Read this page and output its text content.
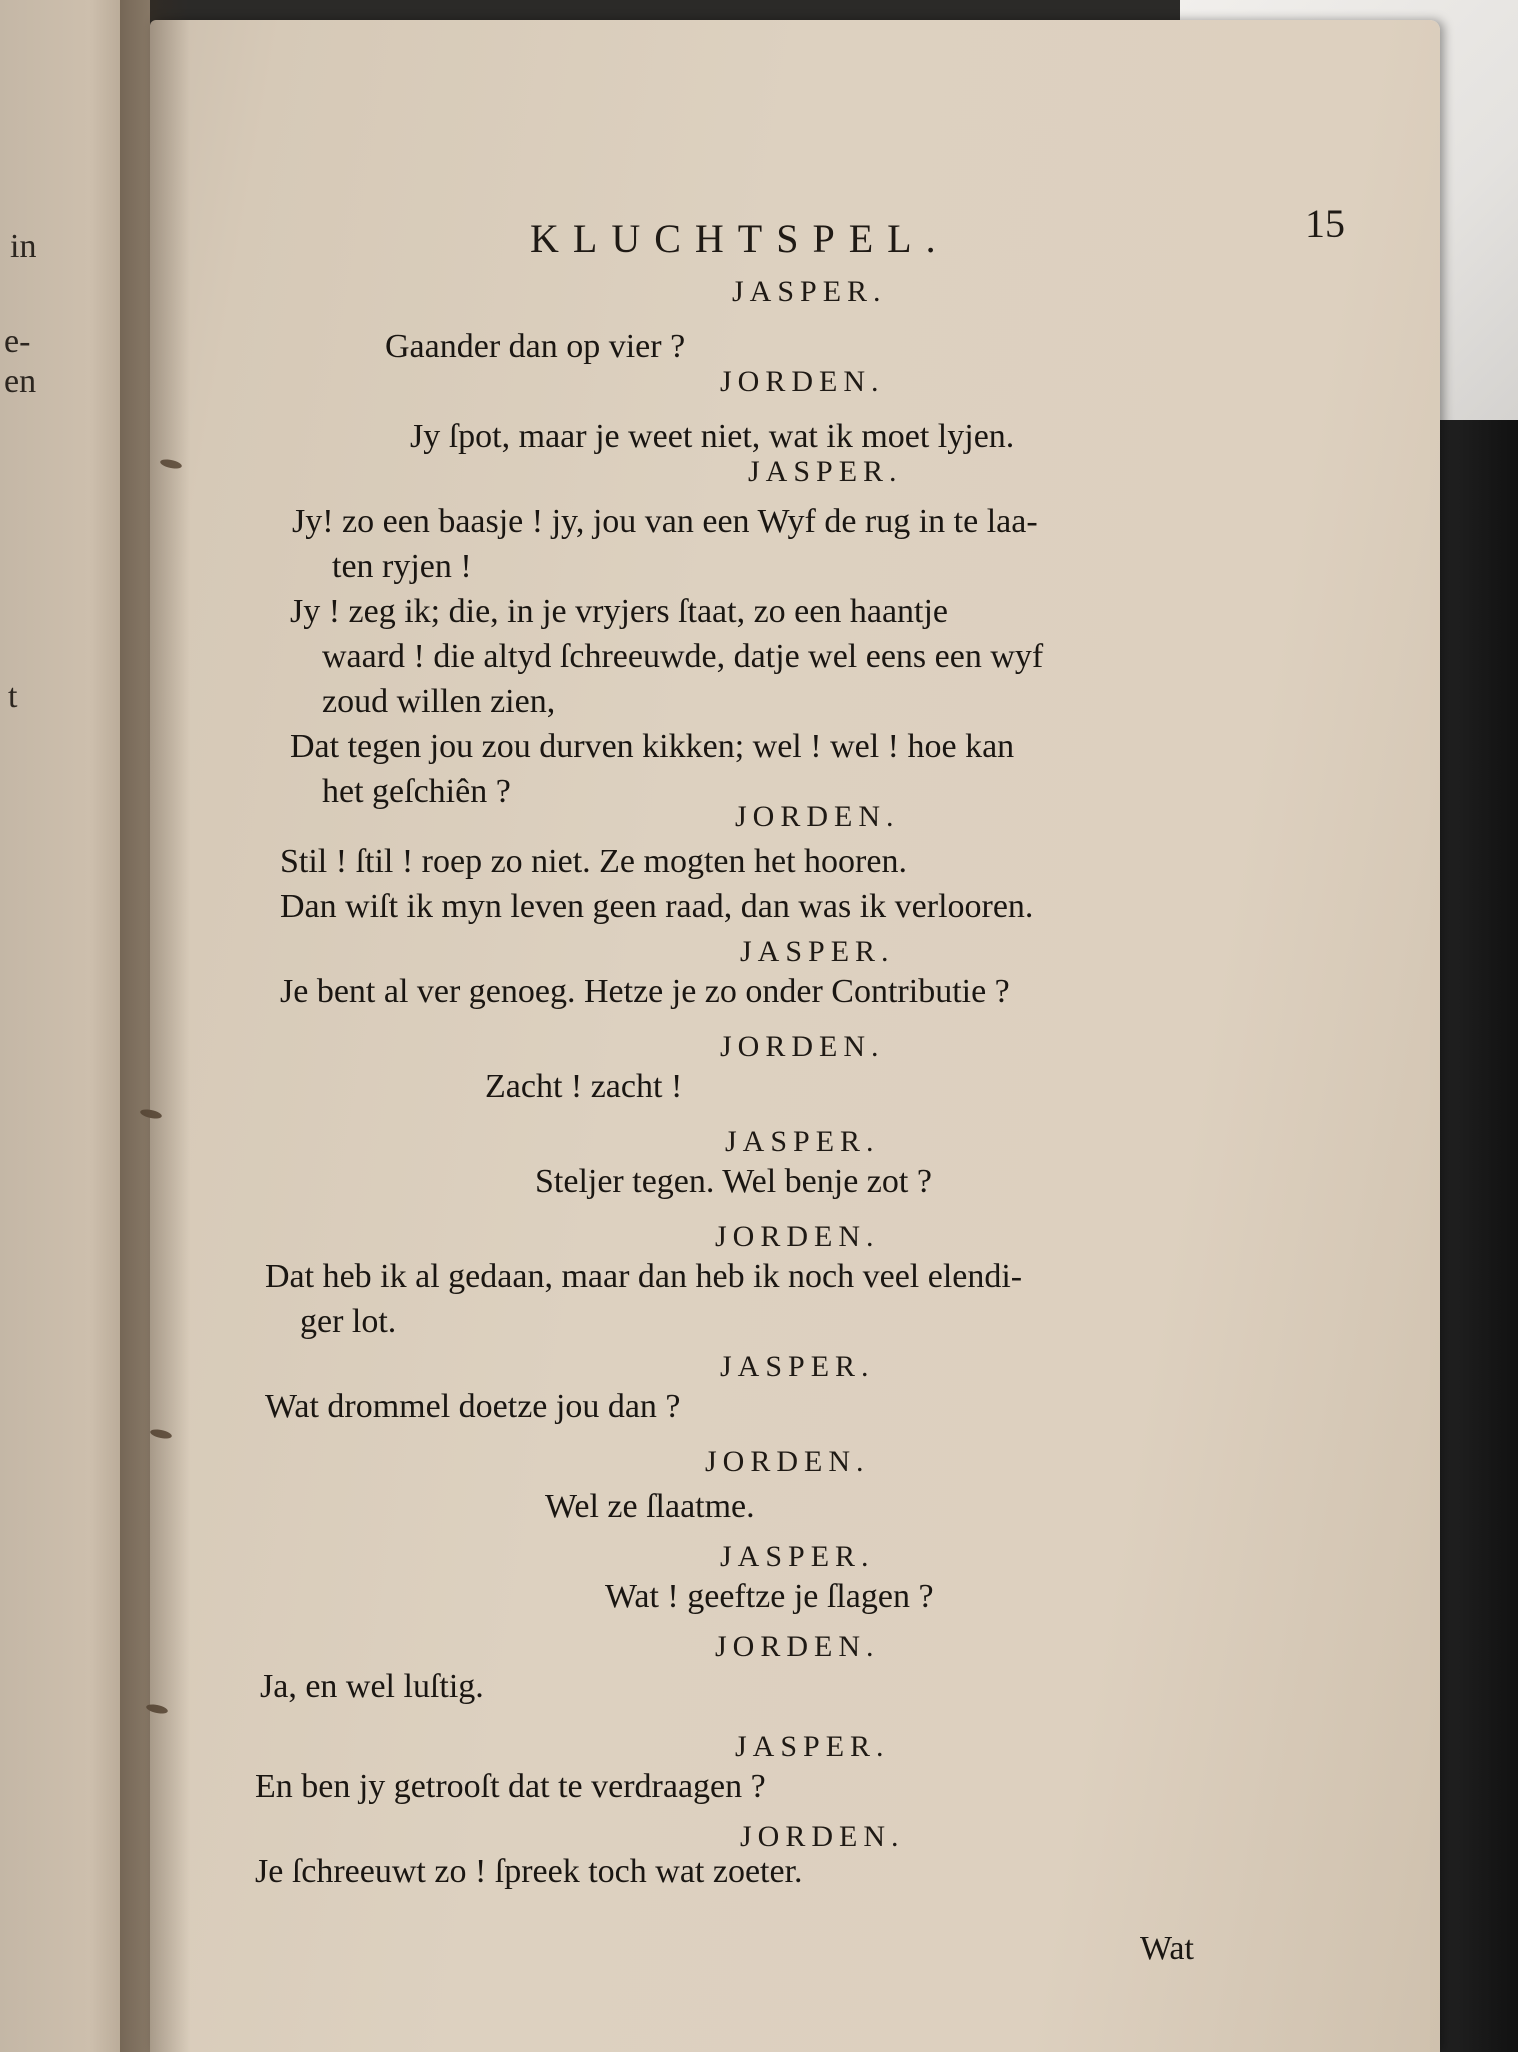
in
e-
en
t
KLUCHTSPEL.	15
JASPER.
Gaander dan op vier ?
JORDEN.
Jy ſpot, maar je weet niet, wat ik moet lyjen.
JASPER.
Jy! zo een baasje ! jy, jou van een Wyf de rug in te laa-
ten ryjen !
Jy ! zeg ik; die, in je vryjers ſtaat, zo een haantje
waard ! die altyd ſchreeuwde, datje wel eens een wyf
zoud willen zien,
Dat tegen jou zou durven kikken; wel ! wel ! hoe kan
het geſchiên ?
JORDEN.
Stil ! ſtil ! roep zo niet. Ze mogten het hooren.
Dan wiſt ik myn leven geen raad, dan was ik verlooren.
JASPER.
Je bent al ver genoeg. Hetze je zo onder Contributie ?
JORDEN.
Zacht ! zacht !
JASPER.
Steljer tegen. Wel benje zot ?
JORDEN.
Dat heb ik al gedaan, maar dan heb ik noch veel elendi-
ger lot.
JASPER.
Wat drommel doetze jou dan ?
JORDEN.
Wel ze ſlaatme.
JASPER.
Wat ! geeftze je ſlagen ?
JORDEN.
Ja, en wel luſtig.
JASPER.
En ben jy getrooſt dat te verdraagen ?
JORDEN.
Je ſchreeuwt zo ! ſpreek toch wat zoeter.
Wat
